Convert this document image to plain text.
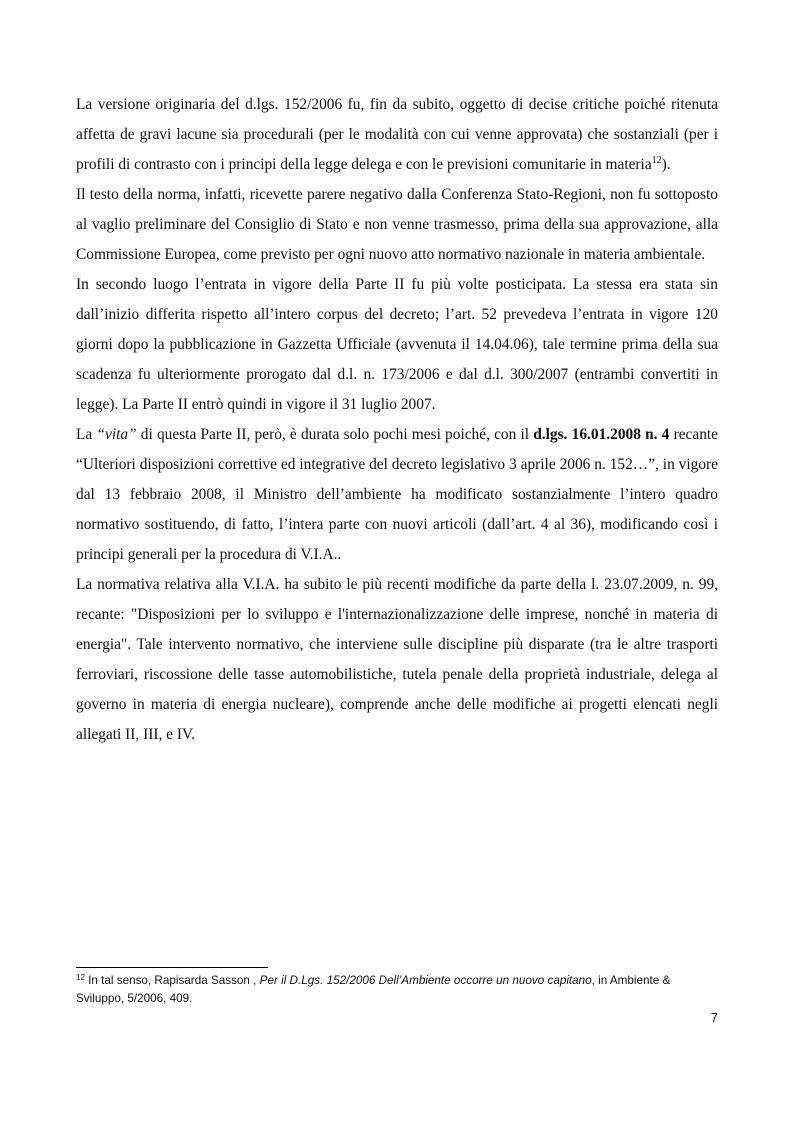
La versione originaria del d.lgs. 152/2006 fu, fin da subito, oggetto di decise critiche poiché ritenuta affetta de gravi lacune sia procedurali (per le modalità con cui venne approvata) che sostanziali (per i profili di contrasto con i principi della legge delega e con le previsioni comunitarie in materia$^{12}$).

Il testo della norma, infatti, ricevette parere negativo dalla Conferenza Stato-Regioni, non fu sottoposto al vaglio preliminare del Consiglio di Stato e non venne trasmesso, prima della sua approvazione, alla Commissione Europea, come previsto per ogni nuovo atto normativo nazionale in materia ambientale.

In secondo luogo l’entrata in vigore della Parte II fu più volte posticipata. La stessa era stata sin dall’inizio differita rispetto all’intero corpus del decreto; l’art. 52 prevedeva l’entrata in vigore 120 giorni dopo la pubblicazione in Gazzetta Ufficiale (avvenuta il 14.04.06), tale termine prima della sua scadenza fu ulteriormente prorogato dal d.l. n. 173/2006 e dal d.l. 300/2007 (entrambi convertiti in legge). La Parte II entrò quindi in vigore il 31 luglio 2007.

La “vita” di questa Parte II, però, è durata solo pochi mesi poiché, con il d.lgs. 16.01.2008 n. 4 recante “Ulteriori disposizioni correttive ed integrative del decreto legislativo 3 aprile 2006 n. 152…”, in vigore dal 13 febbraio 2008, il Ministro dell’ambiente ha modificato sostanzialmente l’intero quadro normativo sostituendo, di fatto, l’intera parte con nuovi articoli (dall’art. 4 al 36), modificando così i principi generali per la procedura di V.I.A..

La normativa relativa alla V.I.A. ha subito le più recenti modifiche da parte della l. 23.07.2009, n. 99, recante: "Disposizioni per lo sviluppo e l'internazionalizzazione delle imprese, nonché in materia di energia". Tale intervento normativo, che interviene sulle discipline più disparate (tra le altre trasporti ferroviari, riscossione delle tasse automobilistiche, tutela penale della proprietà industriale, delega al governo in materia di energia nucleare), comprende anche delle modifiche ai progetti elencati negli allegati II, III, e IV.

$^{12}$ In tal senso, Rapisarda Sasson , Per il D.Lgs. 152/2006 Dell’Ambiente occorre un nuovo capitano, in Ambiente & Sviluppo, 5/2006, 409.
7
